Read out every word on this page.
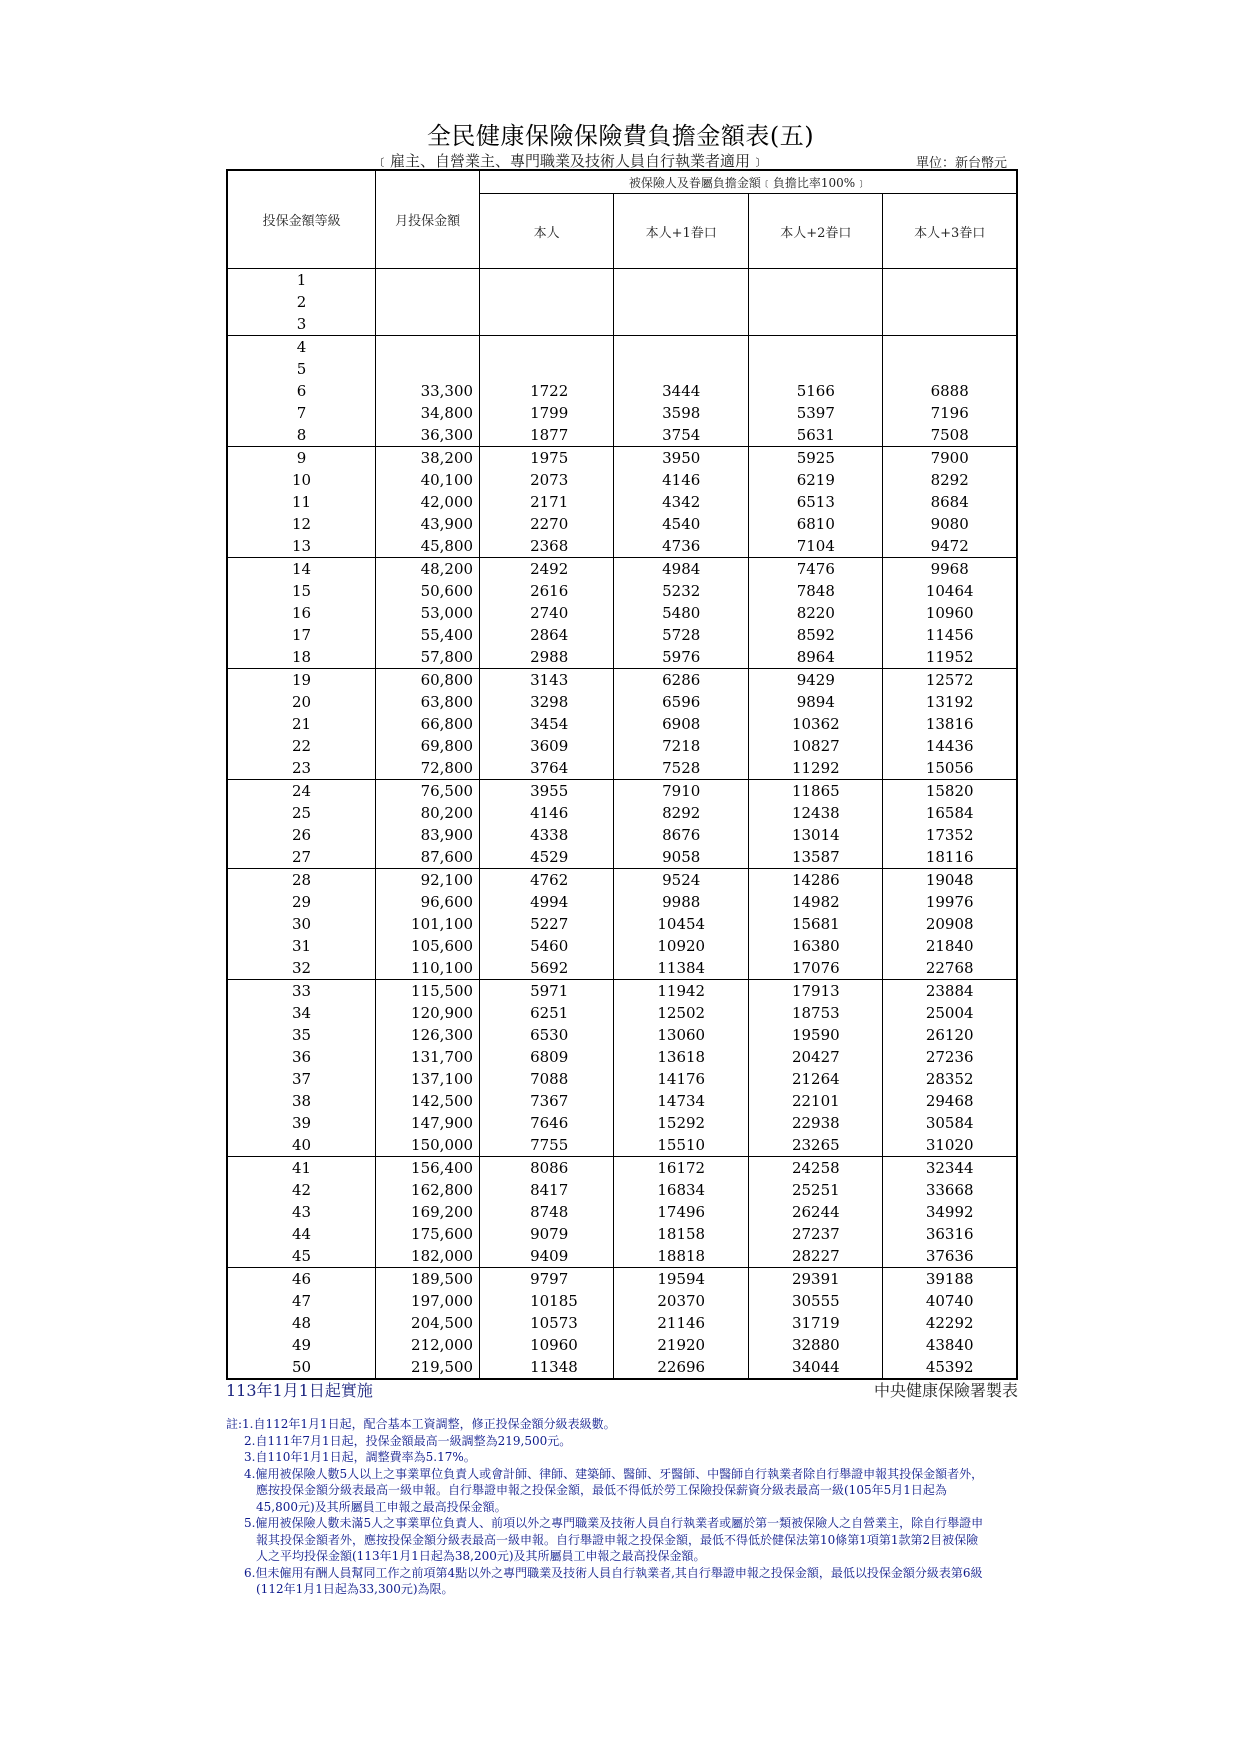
全民健康保險保險費負擔金額表(五)
﹝雇主、自營業主、專門職業及技術人員自行執業者適用﹞	單位：新台幣元
投保金額等級	月投保金額	被保險人及眷屬負擔金額﹝負擔比率100%﹞			
		本人	本人+1眷口	本人+2眷口	本人+3眷口
1					
2					
3					
4					
5					
6	33,300	1722	3444	5166	6888
7	34,800	1799	3598	5397	7196
8	36,300	1877	3754	5631	7508
9	38,200	1975	3950	5925	7900
10	40,100	2073	4146	6219	8292
11	42,000	2171	4342	6513	8684
12	43,900	2270	4540	6810	9080
13	45,800	2368	4736	7104	9472
14	48,200	2492	4984	7476	9968
15	50,600	2616	5232	7848	10464
16	53,000	2740	5480	8220	10960
17	55,400	2864	5728	8592	11456
18	57,800	2988	5976	8964	11952
19	60,800	3143	6286	9429	12572
20	63,800	3298	6596	9894	13192
21	66,800	3454	6908	10362	13816
22	69,800	3609	7218	10827	14436
23	72,800	3764	7528	11292	15056
24	76,500	3955	7910	11865	15820
25	80,200	4146	8292	12438	16584
26	83,900	4338	8676	13014	17352
27	87,600	4529	9058	13587	18116
28	92,100	4762	9524	14286	19048
29	96,600	4994	9988	14982	19976
30	101,100	5227	10454	15681	20908
31	105,600	5460	10920	16380	21840
32	110,100	5692	11384	17076	22768
33	115,500	5971	11942	17913	23884
34	120,900	6251	12502	18753	25004
35	126,300	6530	13060	19590	26120
36	131,700	6809	13618	20427	27236
37	137,100	7088	14176	21264	28352
38	142,500	7367	14734	22101	29468
39	147,900	7646	15292	22938	30584
40	150,000	7755	15510	23265	31020
41	156,400	8086	16172	24258	32344
42	162,800	8417	16834	25251	33668
43	169,200	8748	17496	26244	34992
44	175,600	9079	18158	27237	36316
45	182,000	9409	18818	28227	37636
46	189,500	9797	19594	29391	39188
47	197,000	10185	20370	30555	40740
48	204,500	10573	21146	31719	42292
49	212,000	10960	21920	32880	43840
50	219,500	11348	22696	34044	45392
113年1月1日起實施	中央健康保險署製表

註:1.自112年1月1日起，配合基本工資調整，修正投保金額分級表級數。

2.自111年7月1日起，投保金額最高一級調整為219,500元。

3.自110年1月1日起，調整費率為5.17%。

4.僱用被保險人數5人以上之事業單位負責人或會計師、律師、建築師、醫師、牙醫師、中醫師自行執業者除自行舉證申報其投保金額者外，應按投保金額分級表最高一級申報。自行舉證申報之投保金額，最低不得低於勞工保險投保薪資分級表最高一級(105年5月1日起為45,800元)及其所屬員工申報之最高投保金額。

5.僱用被保險人數未滿5人之事業單位負責人、前項以外之專門職業及技術人員自行執業者或屬於第一類被保險人之自營業主，除自行舉證申報其投保金額者外，應按投保金額分級表最高一級申報。自行舉證申報之投保金額，最低不得低於健保法第10條第1項第1款第2目被保險人之平均投保金額(113年1月1日起為38,200元)及其所屬員工申報之最高投保金額。

6.但未僱用有酬人員幫同工作之前項第4點以外之專門職業及技術人員自行執業者,其自行舉證申報之投保金額，最低以投保金額分級表第6級(112年1月1日起為33,300元)為限。
